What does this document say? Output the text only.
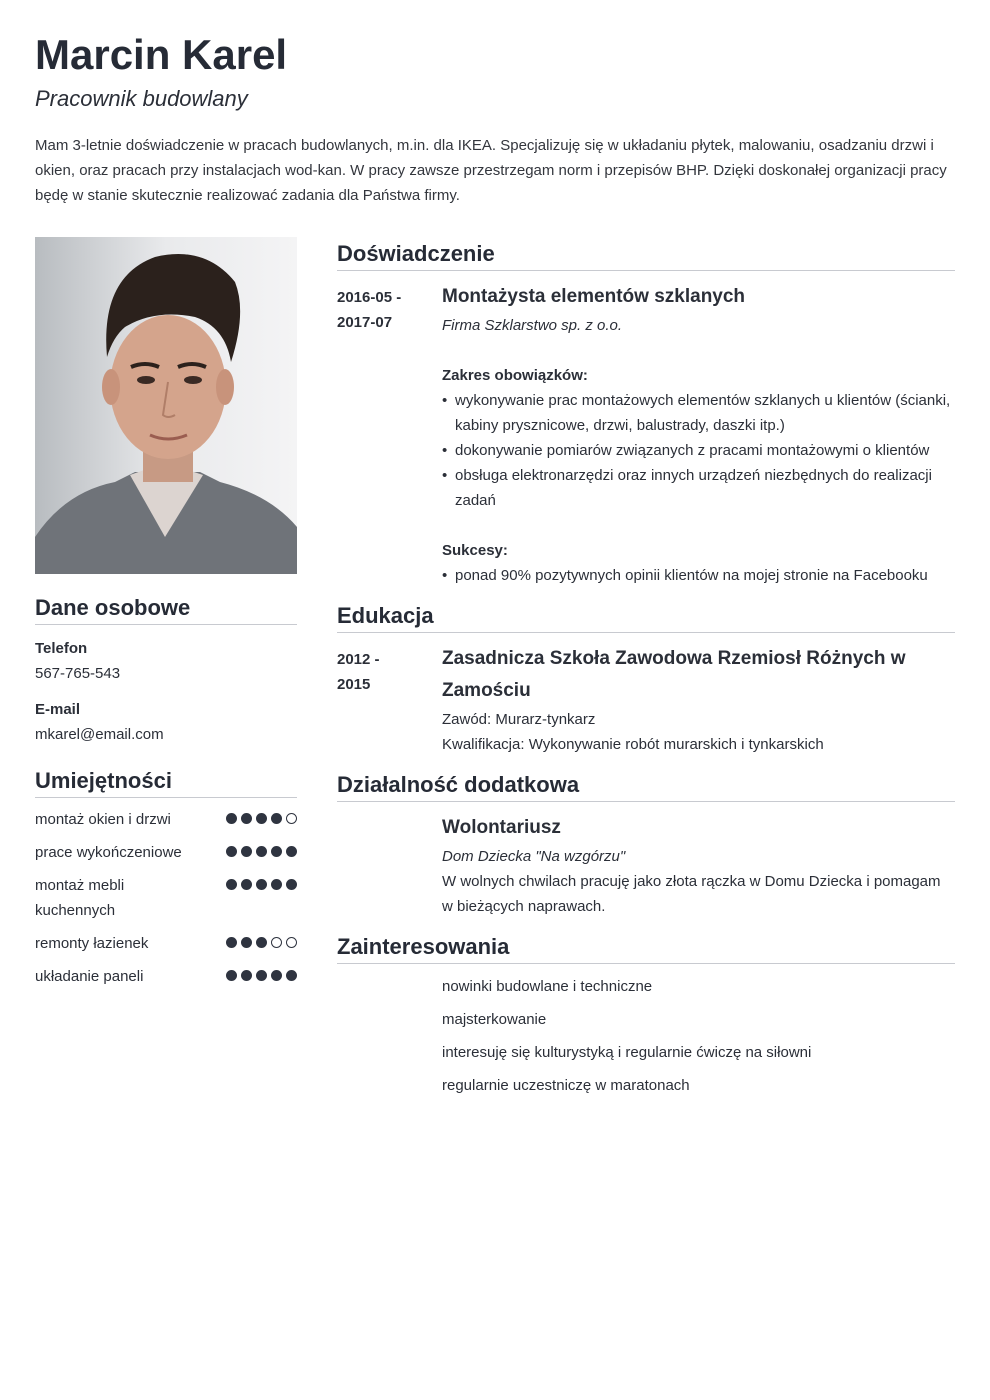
Marcin Karel
Pracownik budowlany
Mam 3-letnie doświadczenie w pracach budowlanych, m.in. dla IKEA. Specjalizuję się w układaniu płytek, malowaniu, osadzaniu drzwi i okien, oraz pracach przy instalacjach wod-kan. W pracy zawsze przestrzegam norm i przepisów BHP. Dzięki doskonałej organizacji pracy będę w stanie skutecznie realizować zadania dla Państwa firmy.
Dane osobowe
Telefon
567-765-543
E-mail
mkarel@email.com
Umiejętności
montaż okien i drzwi
prace wykończeniowe
montaż mebli kuchennych
remonty łazienek
układanie paneli
Doświadczenie
2016-05 -
2017-07
Montażysta elementów szklanych
Firma Szklarstwo sp. z o.o.
Zakres obowiązków:
• wykonywanie prac montażowych elementów szklanych u klientów (ścianki, kabiny prysznicowe, drzwi, balustrady, daszki itp.)
• dokonywanie pomiarów związanych z pracami montażowymi o klientów
• obsługa elektronarzędzi oraz innych urządzeń niezbędnych do realizacji zadań
Sukcesy:
• ponad 90% pozytywnych opinii klientów na mojej stronie na Facebooku
Edukacja
2012 -
2015
Zasadnicza Szkoła Zawodowa Rzemiosł Różnych w Zamościu
Zawód: Murarz-tynkarz
Kwalifikacja: Wykonywanie robót murarskich i tynkarskich
Działalność dodatkowa
Wolontariusz
Dom Dziecka "Na wzgórzu"
W wolnych chwilach pracuję jako złota rączka w Domu Dziecka i pomagam w bieżących naprawach.
Zainteresowania
nowinki budowlane i techniczne
majsterkowanie
interesuję się kulturystyką i regularnie ćwiczę na siłowni
regularnie uczestniczę w maratonach
